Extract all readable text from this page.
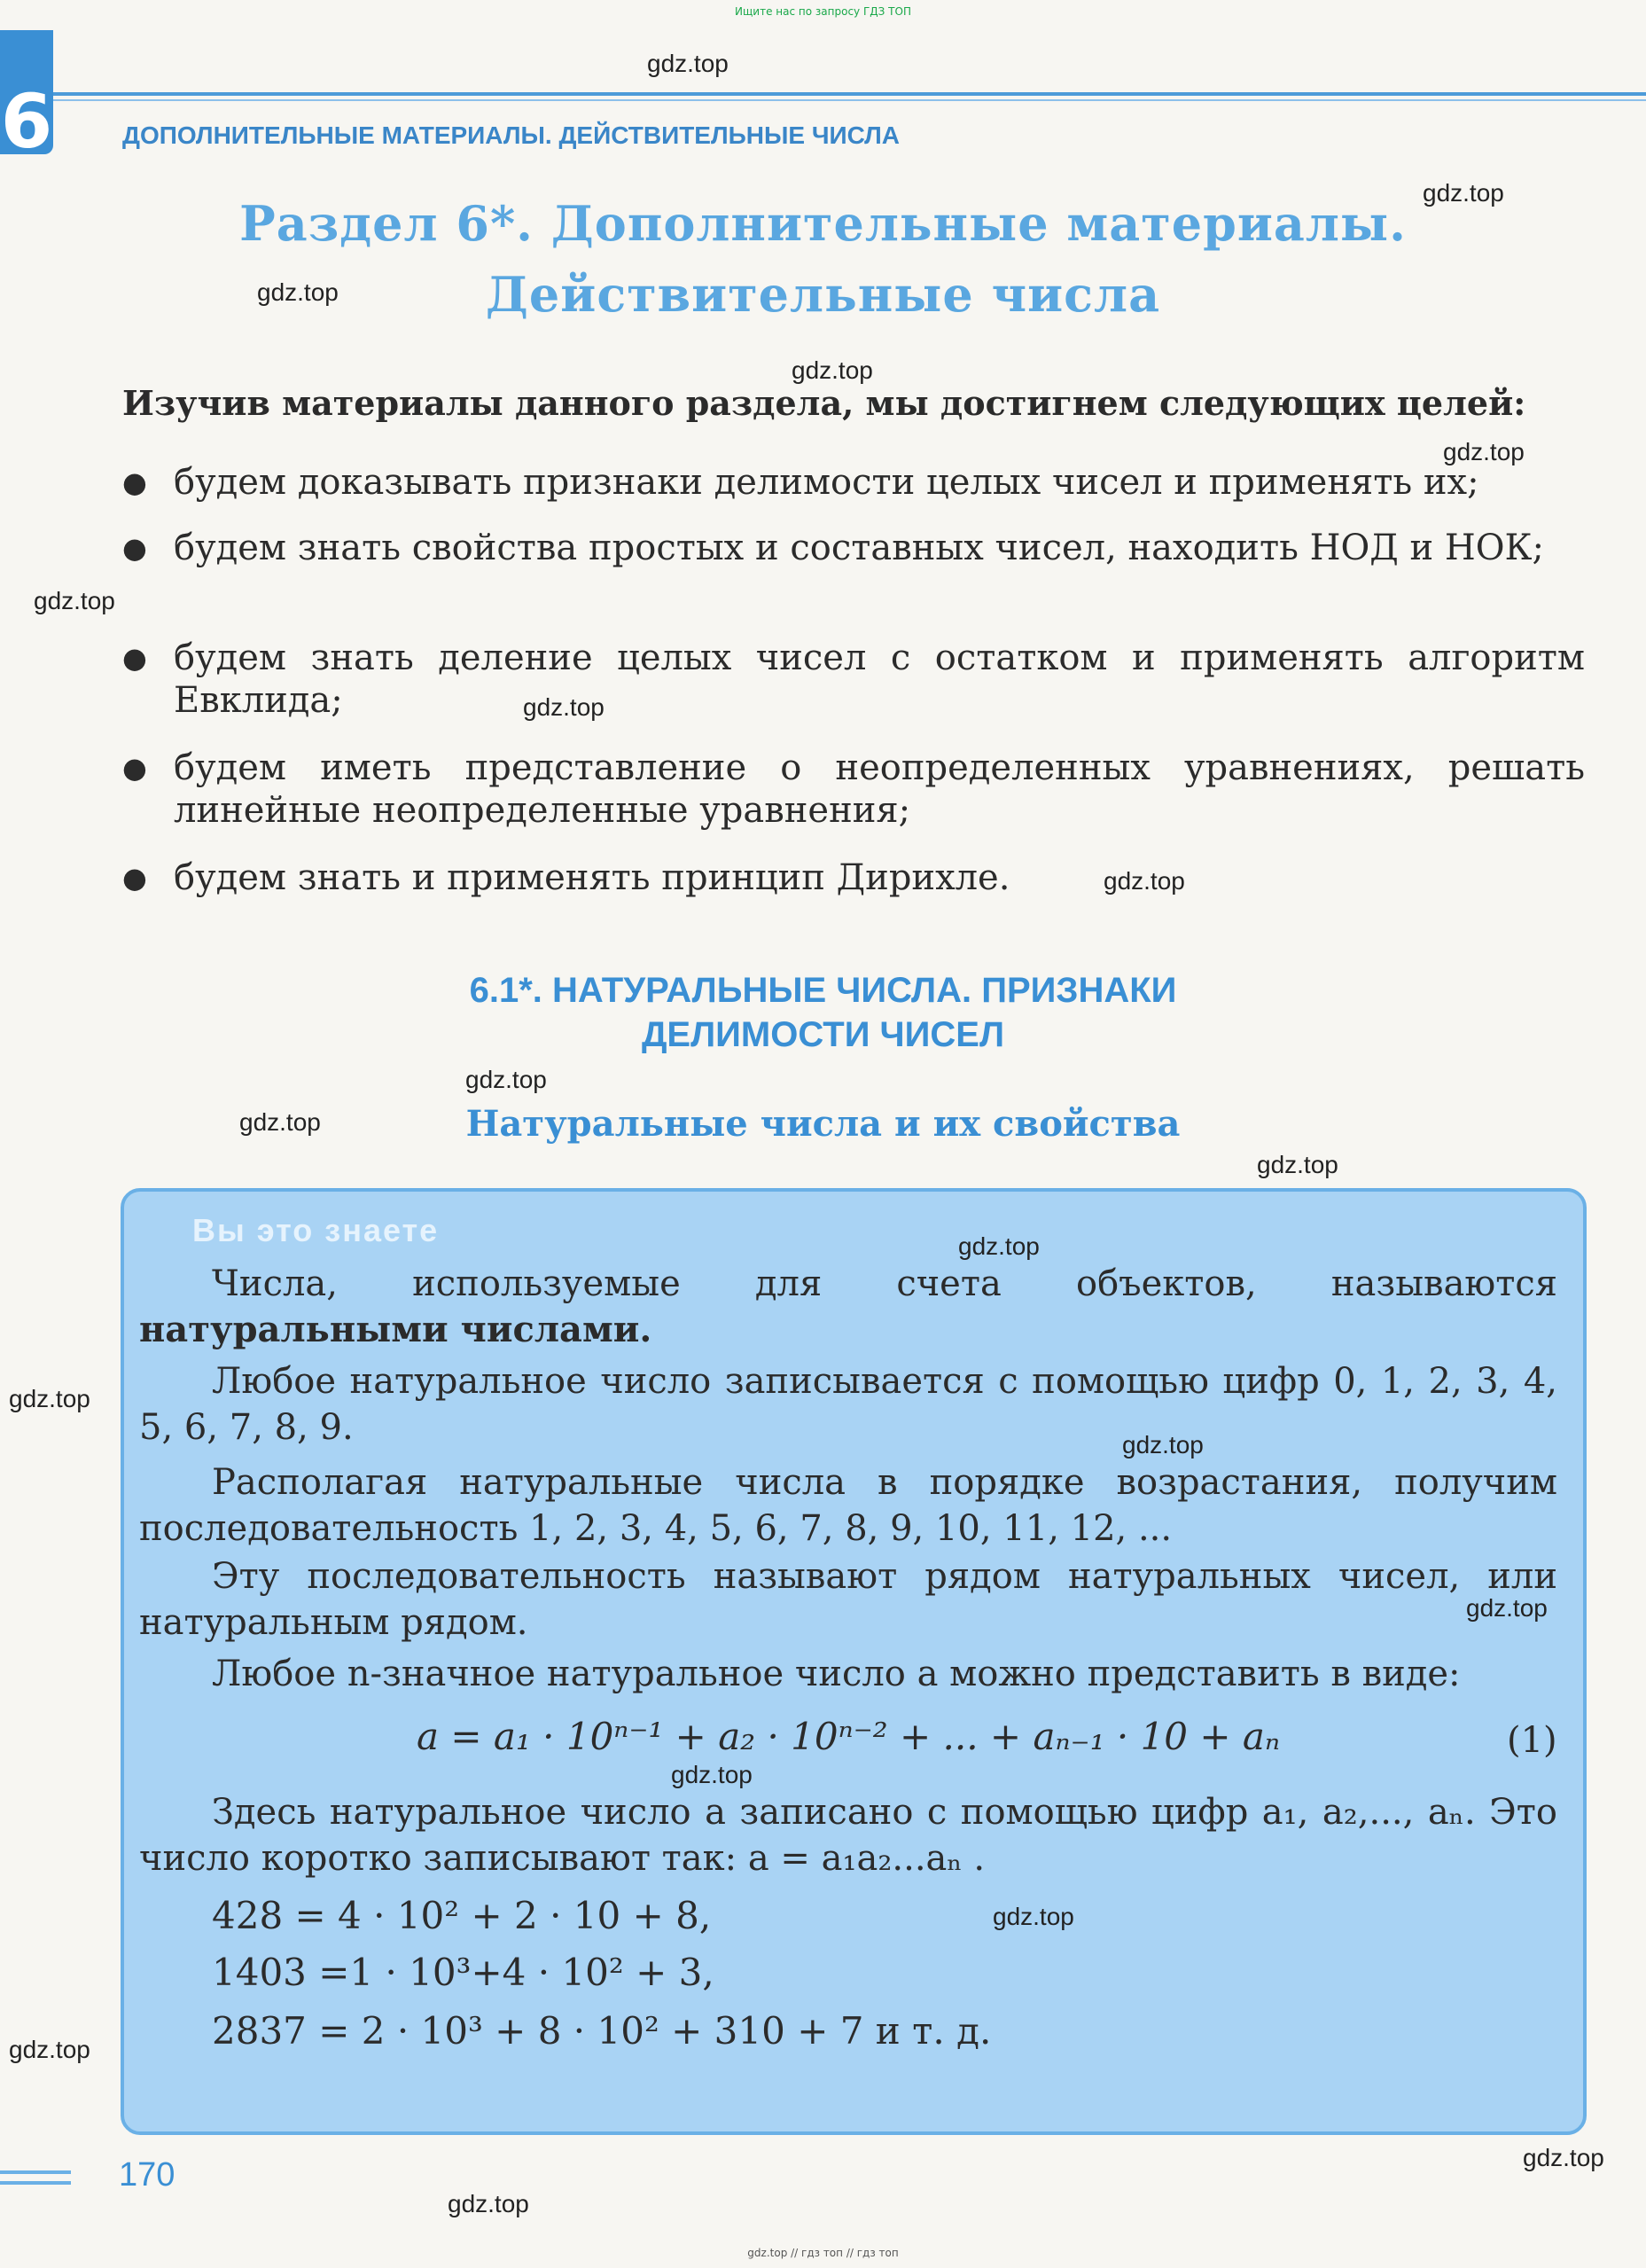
Ищите нас по запросу ГДЗ ТОП
6	ДОПОЛНИТЕЛЬНЫЕ МАТЕРИАЛЫ. ДЕЙСТВИТЕЛЬНЫЕ ЧИСЛА
Раздел 6*. Дополнительные материалы.
Действительные числа
Изучив материалы данного раздела, мы достигнем следующих целей:
● будем доказывать признаки делимости целых чисел и применять их;
● будем знать свойства простых и составных чисел, находить НОД и НОК;
● будем знать деление целых чисел с остатком и применять алгоритм Евклида;
● будем иметь представление о неопределенных уравнениях, решать линейные неопределенные уравнения;
● будем знать и применять принцип Дирихле.
6.1*. НАТУРАЛЬНЫЕ ЧИСЛА. ПРИЗНАКИ
ДЕЛИМОСТИ ЧИСЕЛ
Натуральные числа и их свойства
Вы это знаете
Числа, используемые для счета объектов, называются натуральными числами.
Любое натуральное число записывается с помощью цифр 0, 1, 2, 3, 4, 5, 6, 7, 8, 9.
Располагая натуральные числа в порядке возрастания, получим последовательность 1, 2, 3, 4, 5, 6, 7, 8, 9, 10, 11, 12, ...
Эту последовательность называют рядом натуральных чисел, или натуральным рядом.
Любое n-значное натуральное число a можно представить в виде:
a = a₁ · 10ⁿ⁻¹ + a₂ · 10ⁿ⁻² + ... + aₙ₋₁ · 10 + aₙ	(1)
Здесь натуральное число a записано с помощью цифр a₁, a₂,..., aₙ. Это число коротко записывают так: a = a₁a₂...aₙ .
428 = 4 · 10² + 2 · 10 + 8,
1403 =1 · 10³+4 · 10² + 3,
2837 = 2 · 10³ + 8 · 10² + 310 + 7 и т. д.
170
gdz.top
gdz.top
gdz.top
gdz.top
gdz.top
gdz.top
gdz.top
gdz.top
gdz.top
gdz.top
gdz.top
gdz.top
gdz.top
gdz.top
gdz.top
gdz.top
gdz.top
gdz.top
gdz.top
gdz.top
gdz.top // гдз топ // гдз топ
